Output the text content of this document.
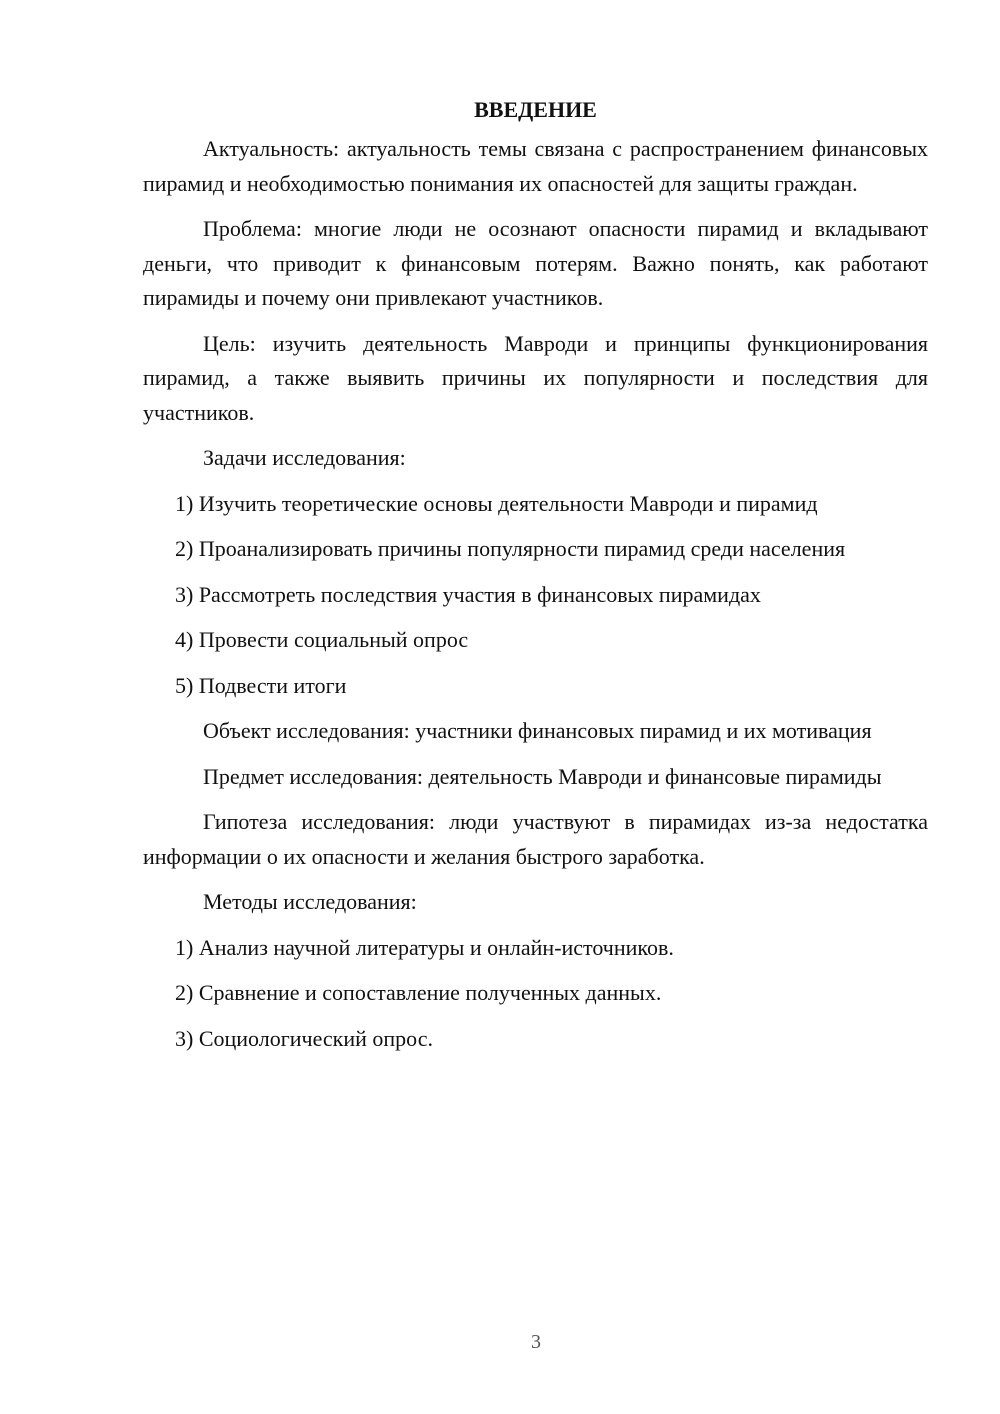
ВВЕДЕНИЕ

Актуальность: актуальность темы связана с распространением финансовых пирамид и необходимостью понимания их опасностей для защиты граждан.

Проблема: многие люди не осознают опасности пирамид и вкладывают деньги, что приводит к финансовым потерям. Важно понять, как работают пирамиды и почему они привлекают участников.

Цель: изучить деятельность Мавроди и принципы функционирования пирамид, а также выявить причины их популярности и последствия для участников.

Задачи исследования:

1) Изучить теоретические основы деятельности Мавроди и пирамид

2) Проанализировать причины популярности пирамид среди населения

3) Рассмотреть последствия участия в финансовых пирамидах

4) Провести социальный опрос

5) Подвести итоги

Объект исследования: участники финансовых пирамид и их мотивация

Предмет исследования: деятельность Мавроди и финансовые пирамиды

Гипотеза исследования: люди участвуют в пирамидах из-за недостатка информации о их опасности и желания быстрого заработка.

Методы исследования:

1) Анализ научной литературы и онлайн-источников.

2) Сравнение и сопоставление полученных данных.

3) Социологический опрос.

3
